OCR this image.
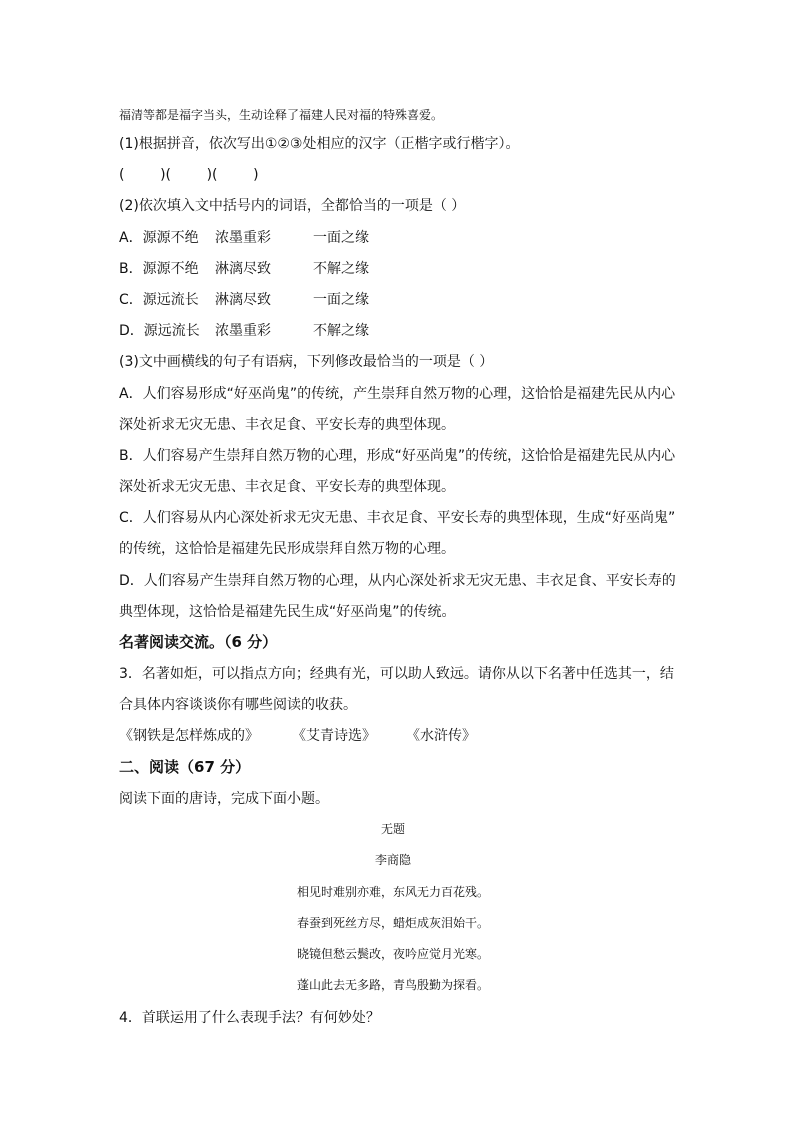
福清等都是福字当头，生动诠释了福建人民对福的特殊喜爱。
(1)根据拼音，依次写出①②③处相应的汉字（正楷字或行楷字）。
(        )(        )(        )
(2)依次填入文中括号内的词语，全都恰当的一项是（ ）
A．源源不绝 浓墨重彩	一面之缘
B．源源不绝 淋漓尽致	不解之缘
C．源远流长 淋漓尽致	一面之缘
D．源远流长 浓墨重彩	不解之缘
(3)文中画横线的句子有语病，下列修改最恰当的一项是（ ）
A．人们容易形成“好巫尚鬼”的传统，产生崇拜自然万物的心理，这恰恰是福建先民从内心
深处祈求无灾无患、丰衣足食、平安长寿的典型体现。
B．人们容易产生崇拜自然万物的心理，形成“好巫尚鬼”的传统，这恰恰是福建先民从内心
深处祈求无灾无患、丰衣足食、平安长寿的典型体现。
C．人们容易从内心深处祈求无灾无患、丰衣足食、平安长寿的典型体现，生成“好巫尚鬼”
的传统，这恰恰是福建先民形成崇拜自然万物的心理。
D．人们容易产生崇拜自然万物的心理，从内心深处祈求无灾无患、丰衣足食、平安长寿的
典型体现，这恰恰是福建先民生成“好巫尚鬼”的传统。
名著阅读交流。（6 分）
3．名著如炬，可以指点方向；经典有光，可以助人致远。请你从以下名著中任选其一，结
合具体内容谈谈你有哪些阅读的收获。
《钢铁是怎样炼成的》 《艾青诗选》 《水浒传》
二、阅读（67 分）
阅读下面的唐诗，完成下面小题。
无题
李商隐
相见时难别亦难，东风无力百花残。
春蚕到死丝方尽，蜡炬成灰泪始干。
晓镜但愁云鬓改，夜吟应觉月光寒。
蓬山此去无多路，青鸟殷勤为探看。
4．首联运用了什么表现手法？有何妙处？
